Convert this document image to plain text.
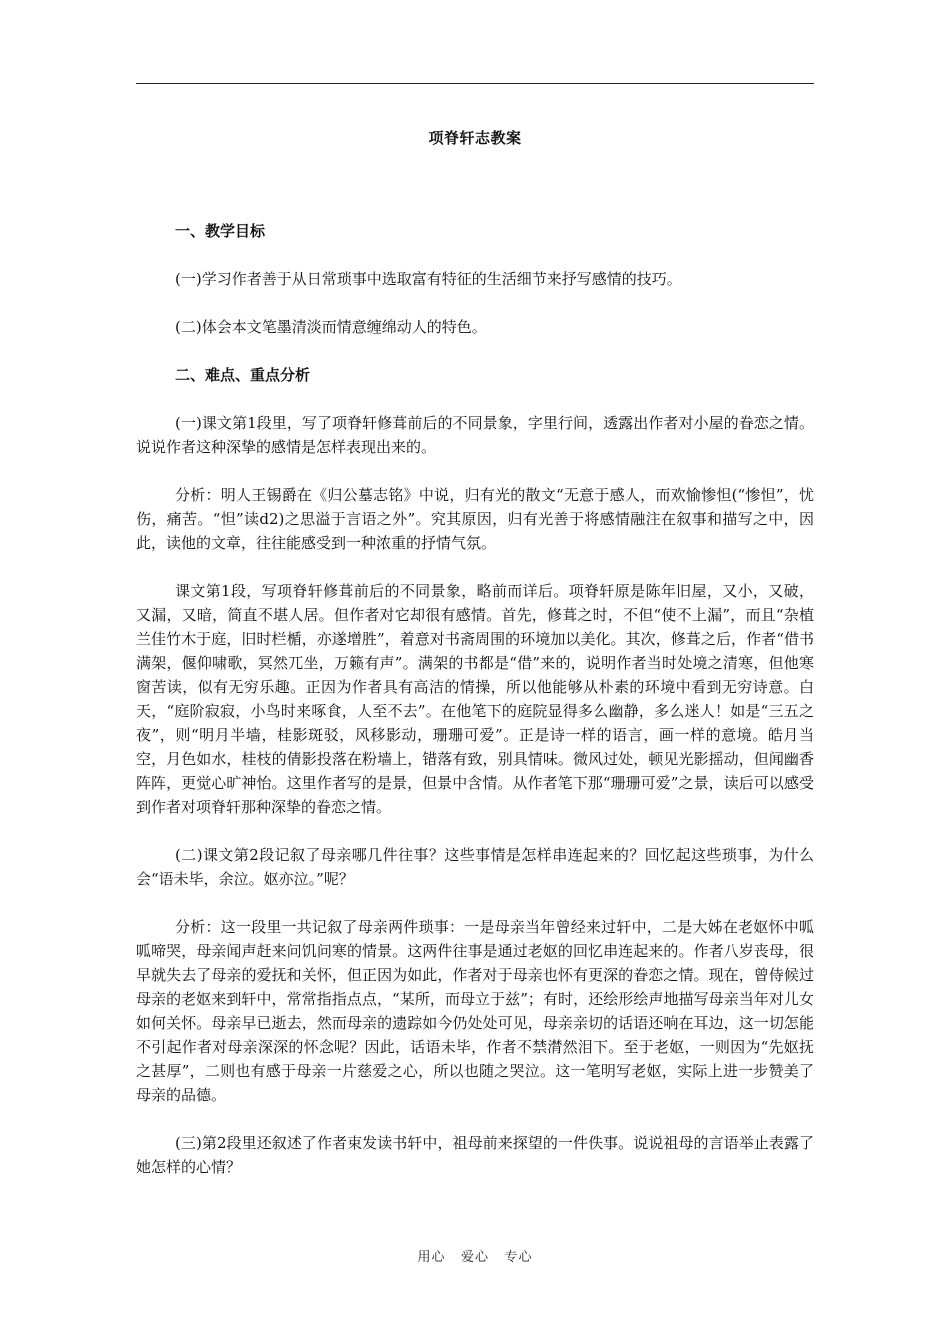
项脊轩志教案
一、教学目标

(一)学习作者善于从日常琐事中选取富有特征的生活细节来抒写感情的技巧。

(二)体会本文笔墨清淡而情意缠绵动人的特色。

二、难点、重点分析

(一)课文第1段里，写了项脊轩修葺前后的不同景象，字里行间，透露出作者对小屋的眷恋之情。说说作者这种深挚的感情是怎样表现出来的。

分析：明人王锡爵在《归公墓志铭》中说，归有光的散文“无意于感人，而欢愉惨怛(“惨怛”，忧伤，痛苦。“怛”读d2)之思溢于言语之外”。究其原因，归有光善于将感情融注在叙事和描写之中，因此，读他的文章，往往能感受到一种浓重的抒情气氛。

课文第1段，写项脊轩修葺前后的不同景象，略前而详后。项脊轩原是陈年旧屋，又小，又破，又漏，又暗，简直不堪人居。但作者对它却很有感情。首先，修葺之时，不但“使不上漏”，而且“杂植兰佳竹木于庭，旧时栏楯，亦遂增胜”，着意对书斋周围的环境加以美化。其次，修葺之后，作者“借书满架，偃仰啸歌，冥然兀坐，万籁有声”。满架的书都是“借”来的，说明作者当时处境之清寒，但他寒窗苦读，似有无穷乐趣。正因为作者具有高洁的情操，所以他能够从朴素的环境中看到无穷诗意。白天，“庭阶寂寂，小鸟时来啄食，人至不去”。在他笔下的庭院显得多么幽静，多么迷人！如是“三五之夜”，则“明月半墙，桂影斑驳，风移影动，珊珊可爱”。正是诗一样的语言，画一样的意境。皓月当空，月色如水，桂枝的倩影投落在粉墙上，错落有致，别具情味。微风过处，顿见光影摇动，但闻幽香阵阵，更觉心旷神怡。这里作者写的是景，但景中含情。从作者笔下那“珊珊可爱”之景，读后可以感受到作者对项脊轩那种深挚的眷恋之情。

(二)课文第2段记叙了母亲哪几件往事？这些事情是怎样串连起来的？回忆起这些琐事，为什么会“语未毕，余泣。妪亦泣。”呢？

分析：这一段里一共记叙了母亲两件琐事：一是母亲当年曾经来过轩中，二是大姊在老妪怀中呱呱啼哭，母亲闻声赶来问饥问寒的情景。这两件往事是通过老妪的回忆串连起来的。作者八岁丧母，很早就失去了母亲的爱抚和关怀，但正因为如此，作者对于母亲也怀有更深的眷恋之情。现在，曾侍候过母亲的老妪来到轩中，常常指指点点，“某所，而母立于兹”；有时，还绘形绘声地描写母亲当年对儿女如何关怀。母亲早已逝去，然而母亲的遗踪如今仍处处可见，母亲亲切的话语还响在耳边，这一切怎能不引起作者对母亲深深的怀念呢？因此，话语未毕，作者不禁潸然泪下。至于老妪，一则因为“先妪抚之甚厚”，二则也有感于母亲一片慈爱之心，所以也随之哭泣。这一笔明写老妪，实际上进一步赞美了母亲的品德。

(三)第2段里还叙述了作者束发读书轩中，祖母前来探望的一件佚事。说说祖母的言语举止表露了她怎样的心情？

用心 爱心 专心
